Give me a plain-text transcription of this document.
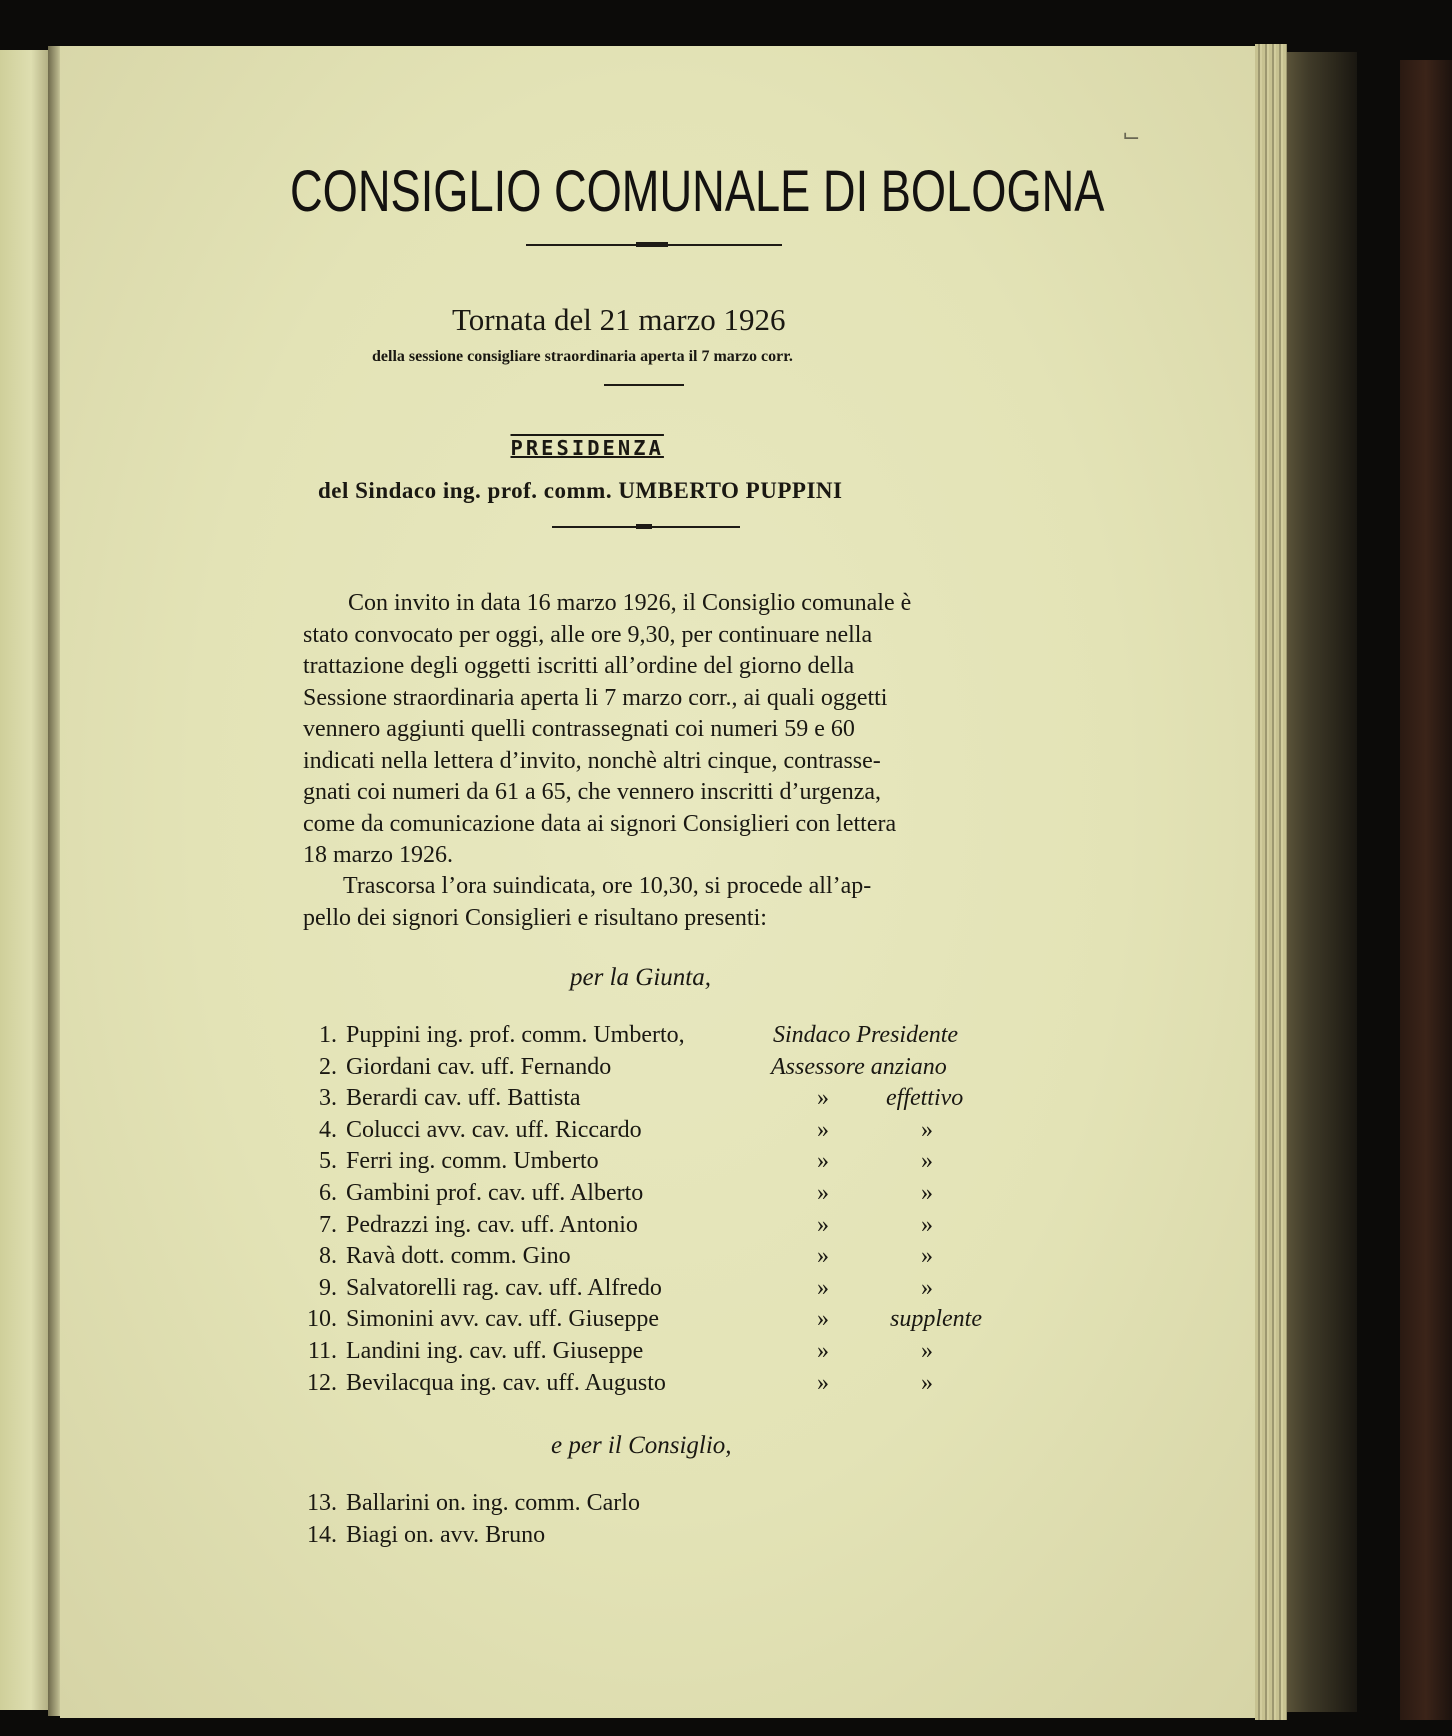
CONSIGLIO COMUNALE DI BOLOGNA
Tornata del 21 marzo 1926
della sessione consigliare straordinaria aperta il 7 marzo corr.
PRESIDENZA
del Sindaco ing. prof. comm. UMBERTO PUPPINI
Con invito in data 16 marzo 1926, il Consiglio comunale è
stato convocato per oggi, alle ore 9,30, per continuare nella
trattazione degli oggetti iscritti all’ordine del giorno della
Sessione straordinaria aperta li 7 marzo corr., ai quali oggetti
vennero aggiunti quelli contrassegnati coi numeri 59 e 60
indicati nella lettera d’invito, nonchè altri cinque, contrasse-
gnati coi numeri da 61 a 65, che vennero inscritti d’urgenza,
come da comunicazione data ai signori Consiglieri con lettera
18 marzo 1926.
Trascorsa l’ora suindicata, ore 10,30, si procede all’ap-
pello dei signori Consiglieri e risultano presenti:
per la Giunta,
1. Puppini ing. prof. comm. Umberto,	Sindaco Presidente
2. Giordani cav. uff. Fernando	Assessore anziano
3. Berardi cav. uff. Battista	» effettivo
4. Colucci avv. cav. uff. Riccardo	»	»
5. Ferri ing. comm. Umberto	»	»
6. Gambini prof. cav. uff. Alberto	»	»
7. Pedrazzi ing. cav. uff. Antonio	»	»
8. Ravà dott. comm. Gino	»	»
9. Salvatorelli rag. cav. uff. Alfredo	»	»
10. Simonini avv. cav. uff. Giuseppe	»	supplente
11. Landini ing. cav. uff. Giuseppe	»	»
12. Bevilacqua ing. cav. uff. Augusto	»	»
e per il Consiglio,
13. Ballarini on. ing. comm. Carlo
14. Biagi on. avv. Bruno
⌙
